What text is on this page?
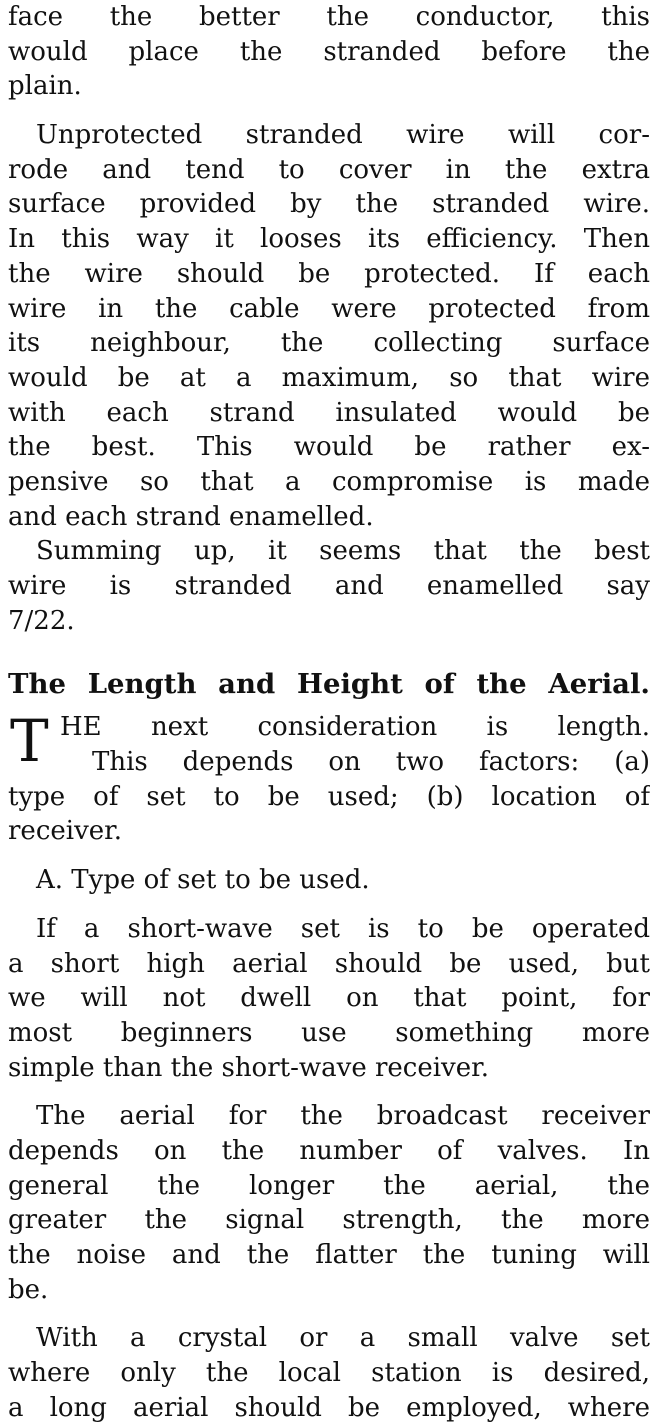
face the better the conductor, this
would place the stranded before the
plain.
Unprotected stranded wire will cor-
rode and tend to cover in the extra
surface provided by the stranded wire.
In this way it looses its efficiency. Then
the wire should be protected. If each
wire in the cable were protected from
its neighbour, the collecting surface
would be at a maximum, so that wire
with each strand insulated would be
the best. This would be rather ex-
pensive so that a compromise is made
and each strand enamelled.
Summing up, it seems that the best
wire is stranded and enamelled say
7/22.
The Length and Height of the Aerial.
T HE next consideration is length.
This depends on two factors: (a)
type of set to be used; (b) location of
receiver.
A. Type of set to be used.
If a short-wave set is to be operated
a short high aerial should be used, but
we will not dwell on that point, for
most beginners use something more
simple than the short-wave receiver.
The aerial for the broadcast receiver
depends on the number of valves. In
general the longer the aerial, the
greater the signal strength, the more
the noise and the flatter the tuning will
be.
With a crystal or a small valve set
where only the local station is desired,
a long aerial should be employed, where
